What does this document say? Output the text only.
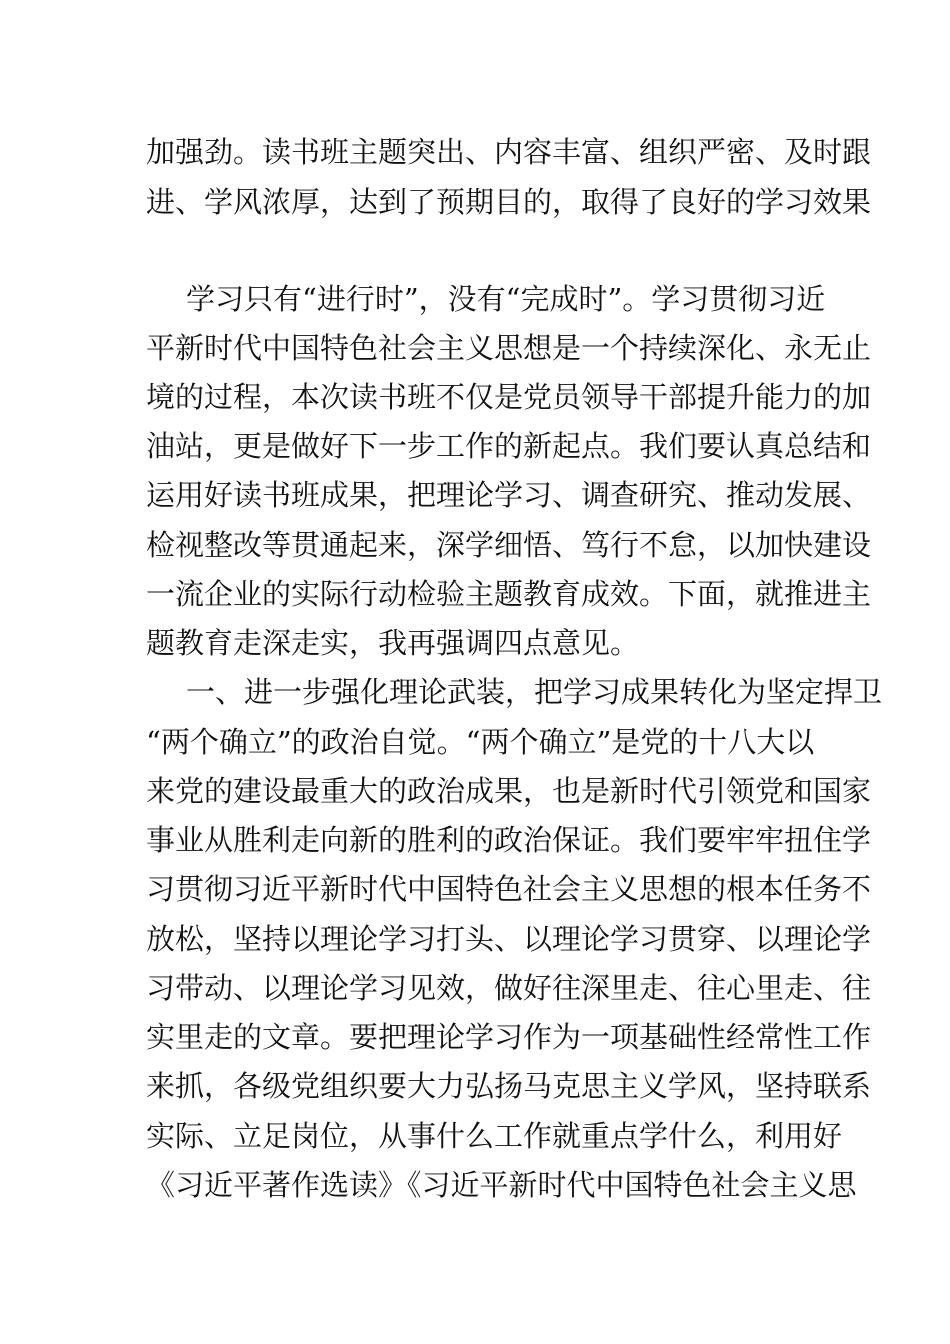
加强劲。读书班主题突出、内容丰富、组织严密、及时跟
进、学风浓厚，达到了预期目的，取得了良好的学习效果
学习只有“进行时”，没有“完成时”。学习贯彻习近
平新时代中国特色社会主义思想是一个持续深化、永无止
境的过程，本次读书班不仅是党员领导干部提升能力的加
油站，更是做好下一步工作的新起点。我们要认真总结和
运用好读书班成果，把理论学习、调查研究、推动发展、
检视整改等贯通起来，深学细悟、笃行不怠，以加快建设
一流企业的实际行动检验主题教育成效。下面，就推进主
题教育走深走实，我再强调四点意见。
一、进一步强化理论武装，把学习成果转化为坚定捍卫
“两个确立”的政治自觉。“两个确立”是党的十八大以
来党的建设最重大的政治成果，也是新时代引领党和国家
事业从胜利走向新的胜利的政治保证。我们要牢牢扭住学
习贯彻习近平新时代中国特色社会主义思想的根本任务不
放松，坚持以理论学习打头、以理论学习贯穿、以理论学
习带动、以理论学习见效，做好往深里走、往心里走、往
实里走的文章。要把理论学习作为一项基础性经常性工作
来抓，各级党组织要大力弘扬马克思主义学风，坚持联系
实际、立足岗位，从事什么工作就重点学什么，利用好
《习近平著作选读》《习近平新时代中国特色社会主义思
